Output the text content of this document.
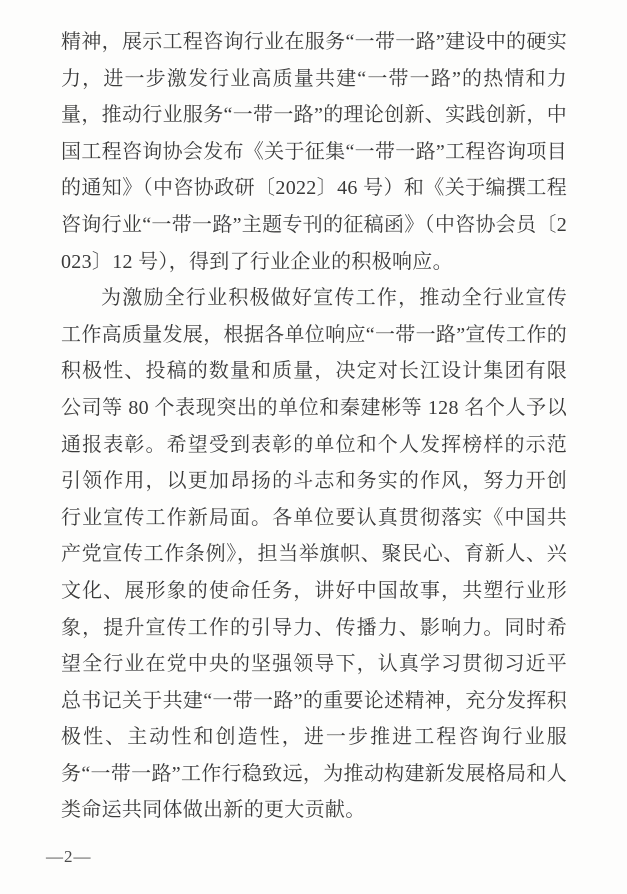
精神，展示工程咨询行业在服务“一带一路”建设中的硬实力，进一步激发行业高质量共建“一带一路”的热情和力量，推动行业服务“一带一路”的理论创新、实践创新，中国工程咨询协会发布《关于征集“一带一路”工程咨询项目的通知》（中咨协政研〔2022〕46 号）和《关于编撰工程咨询行业“一带一路”主题专刊的征稿函》（中咨协会员〔2023〕12 号），得到了行业企业的积极响应。

为激励全行业积极做好宣传工作，推动全行业宣传工作高质量发展，根据各单位响应“一带一路”宣传工作的积极性、投稿的数量和质量，决定对长江设计集团有限公司等 80 个表现突出的单位和秦建彬等 128 名个人予以通报表彰。希望受到表彰的单位和个人发挥榜样的示范引领作用，以更加昂扬的斗志和务实的作风，努力开创行业宣传工作新局面。各单位要认真贯彻落实《中国共产党宣传工作条例》，担当举旗帜、聚民心、育新人、兴文化、展形象的使命任务，讲好中国故事，共塑行业形象，提升宣传工作的引导力、传播力、影响力。同时希望全行业在党中央的坚强领导下，认真学习贯彻习近平总书记关于共建“一带一路”的重要论述精神，充分发挥积极性、主动性和创造性，进一步推进工程咨询行业服务“一带一路”工作行稳致远，为推动构建新发展格局和人类命运共同体做出新的更大贡献。

—2—
